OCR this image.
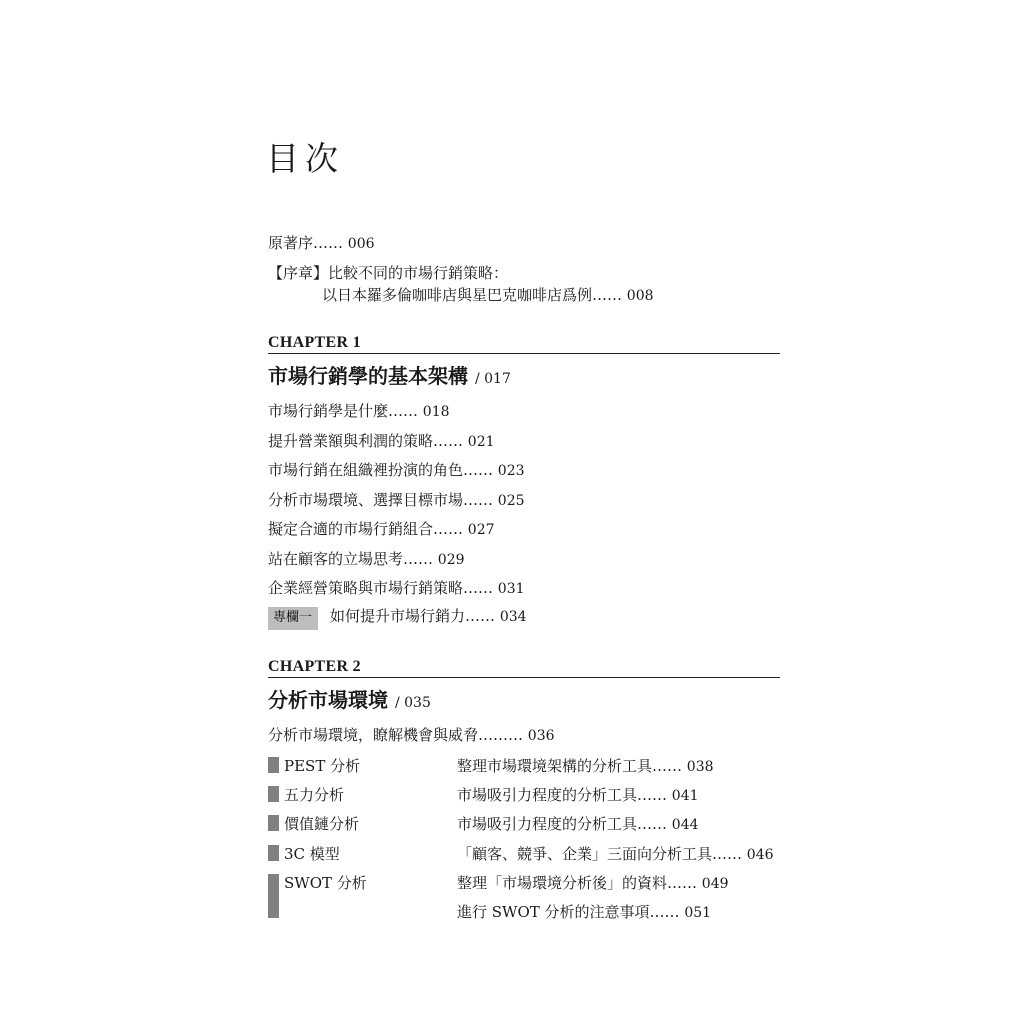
目次
原著序…… 006
【序章】比較不同的市場行銷策略：
以日本羅多倫咖啡店與星巴克咖啡店爲例…… 008
CHAPTER 1
市場行銷學的基本架構 / 017
市場行銷學是什麼…… 018
提升營業額與利潤的策略…… 021
市場行銷在組織裡扮演的角色…… 023
分析市場環境、選擇目標市場…… 025
擬定合適的市場行銷組合…… 027
站在顧客的立場思考…… 029
企業經營策略與市場行銷策略…… 031
專欄一 如何提升市場行銷力…… 034
CHAPTER 2
分析市場環境 / 035
分析市場環境，瞭解機會與威脅……… 036
PEST 分析	整理市場環境架構的分析工具…… 038
五力分析	市場吸引力程度的分析工具…… 041
價值鏈分析	市場吸引力程度的分析工具…… 044
3C 模型	「顧客、競爭、企業」三面向分析工具…… 046
SWOT 分析	整理「市場環境分析後」的資料…… 049
進行 SWOT 分析的注意事項…… 051
